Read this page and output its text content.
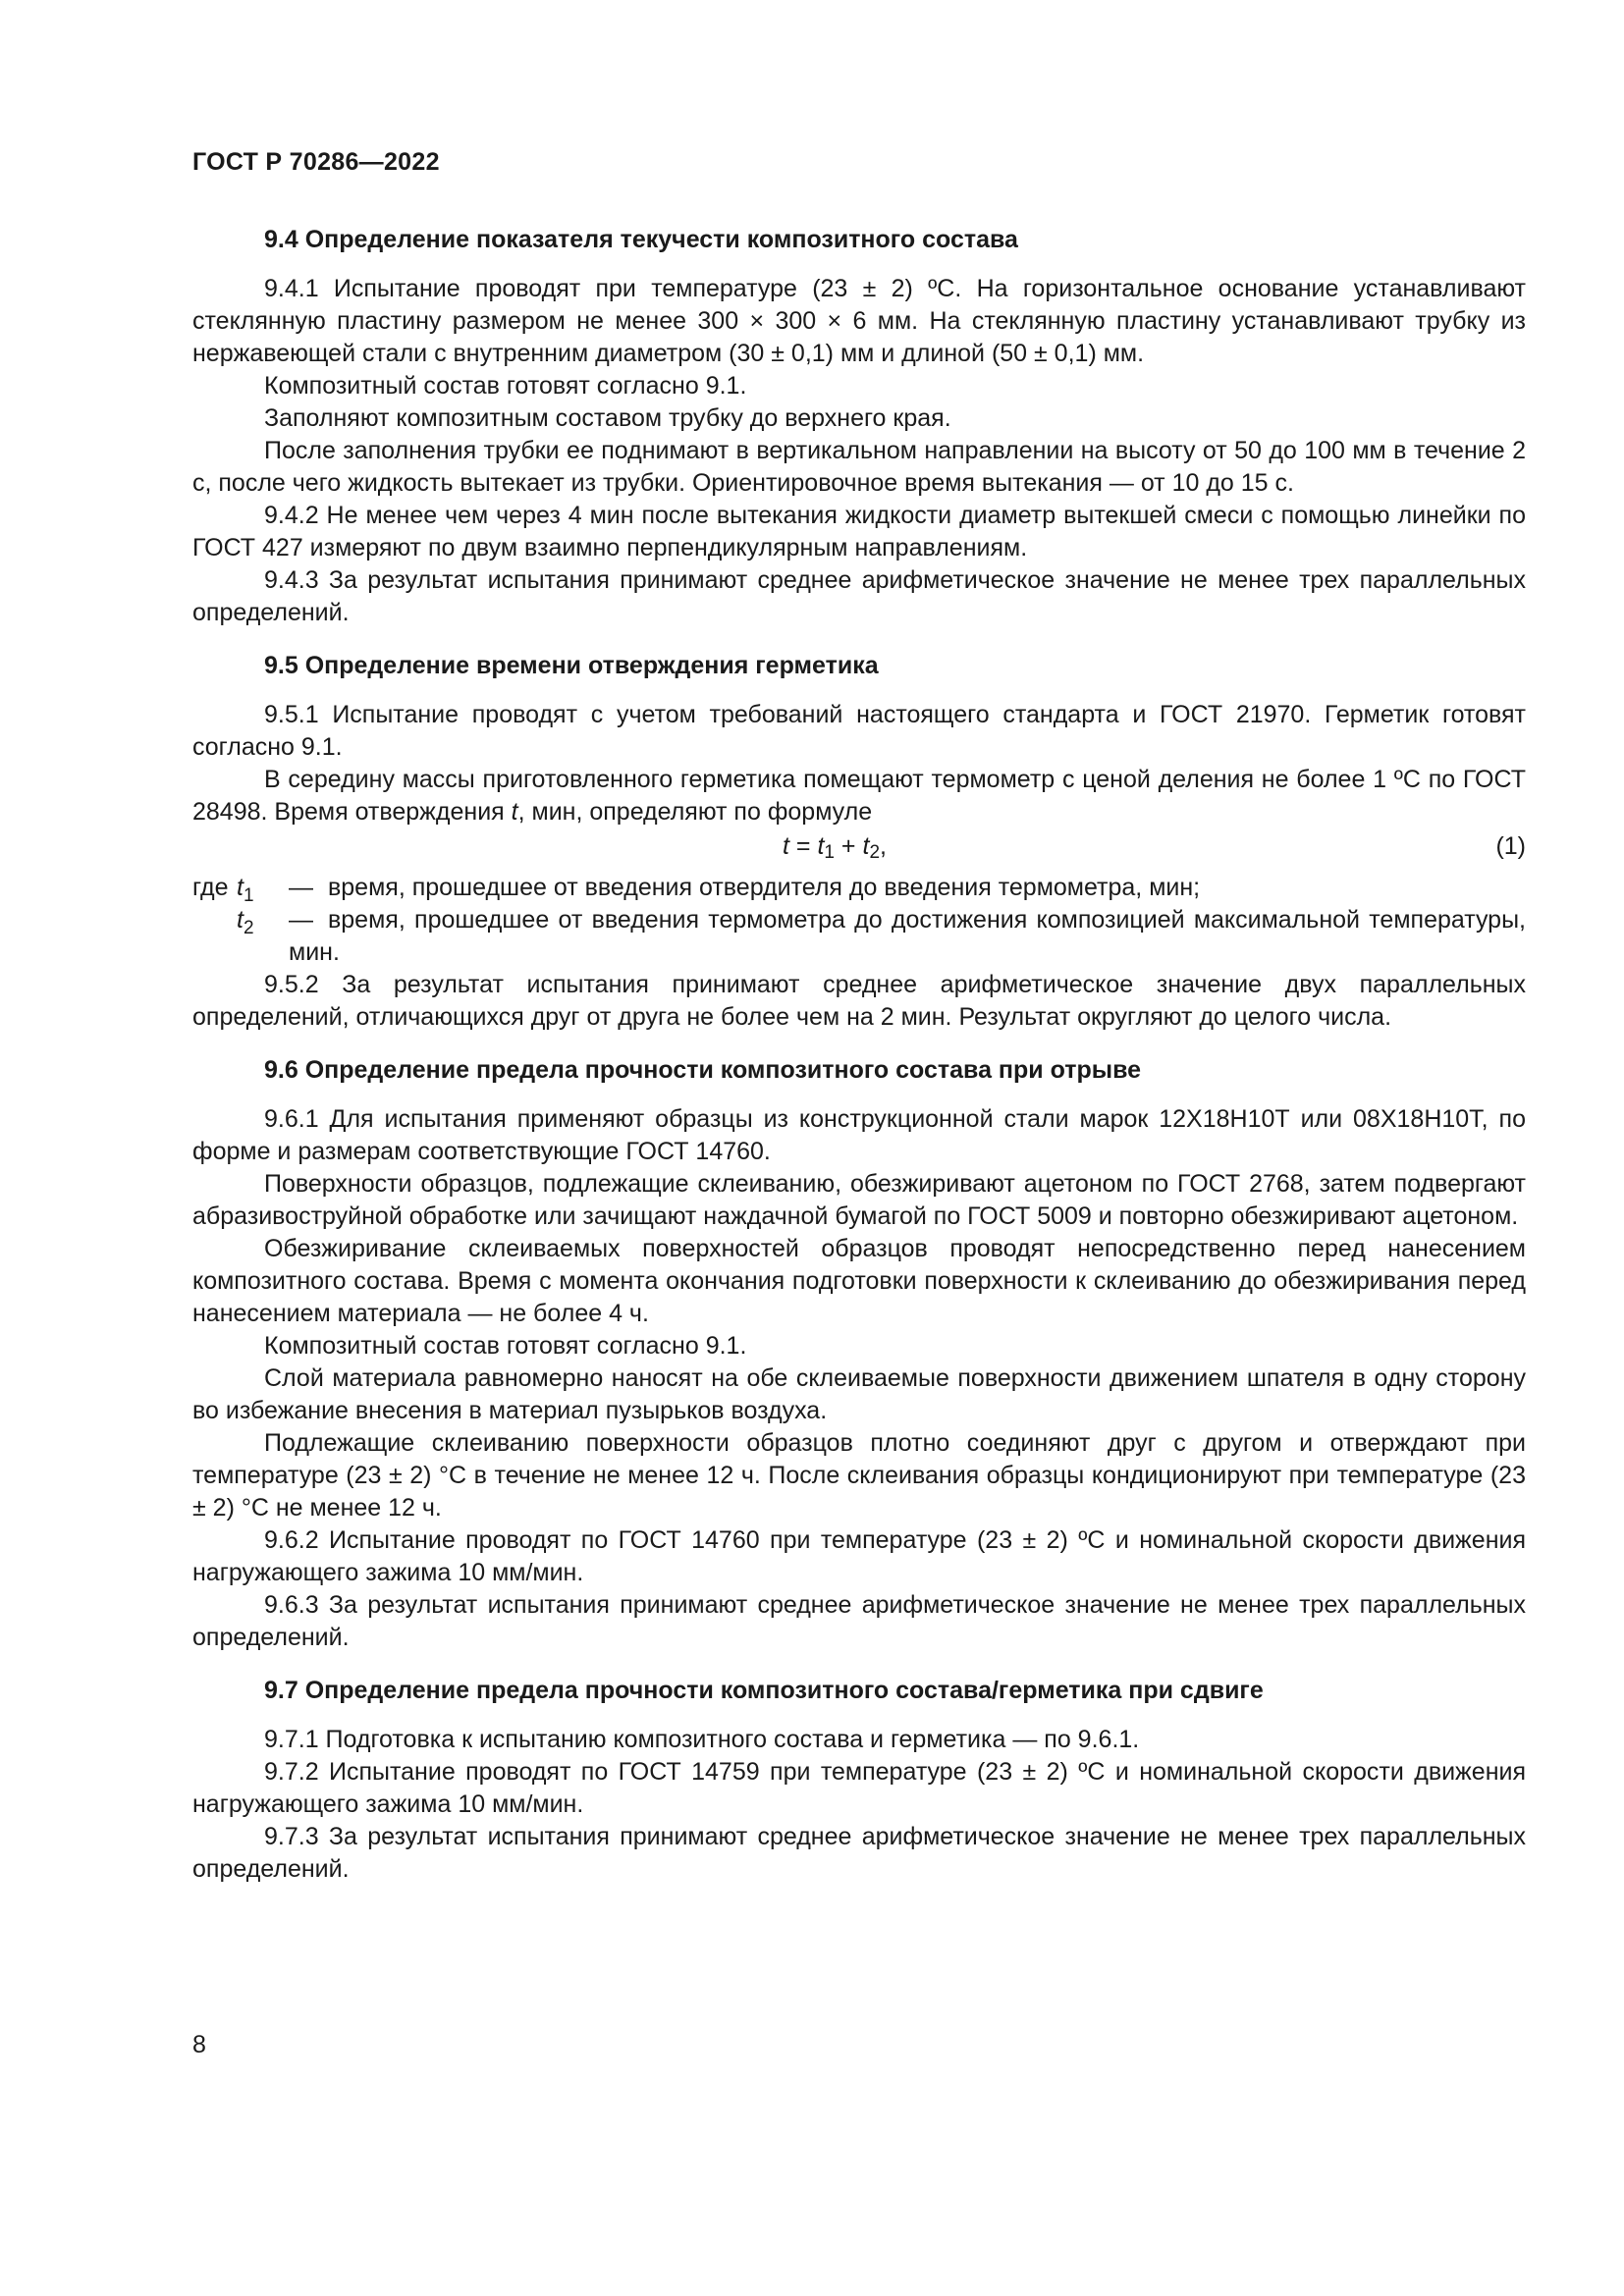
ГОСТ Р 70286—2022
9.4 Определение показателя текучести композитного состава

9.4.1 Испытание проводят при температуре (23 ± 2) ºС. На горизонтальное основание устанавливают стеклянную пластину размером не менее 300 × 300 × 6 мм. На стеклянную пластину устанавливают трубку из нержавеющей стали с внутренним диаметром (30 ± 0,1) мм и длиной (50 ± 0,1) мм.

Композитный состав готовят согласно 9.1.

Заполняют композитным составом трубку до верхнего края.

После заполнения трубки ее поднимают в вертикальном направлении на высоту от 50 до 100 мм в течение 2 с, после чего жидкость вытекает из трубки. Ориентировочное время вытекания — от 10 до 15 с.

9.4.2 Не менее чем через 4 мин после вытекания жидкости диаметр вытекшей смеси с помощью линейки по ГОСТ 427 измеряют по двум взаимно перпендикулярным направлениям.

9.4.3 За результат испытания принимают среднее арифметическое значение не менее трех параллельных определений.

9.5 Определение времени отверждения герметика

9.5.1 Испытание проводят с учетом требований настоящего стандарта и ГОСТ 21970. Герметик готовят согласно 9.1.

В середину массы приготовленного герметика помещают термометр с ценой деления не более 1 ºС по ГОСТ 28498. Время отверждения t, мин, определяют по формуле

$t = t_1 + t_2$,	(1)
где $t_1$	— время, прошедшее от введения отвердителя до введения термометра, мин;
$t_2$	— время, прошедшее от введения термометра до достижения композицией максимальной температуры, мин.

9.5.2 За результат испытания принимают среднее арифметическое значение двух параллельных определений, отличающихся друг от друга не более чем на 2 мин. Результат округляют до целого числа.

9.6 Определение предела прочности композитного состава при отрыве

9.6.1 Для испытания применяют образцы из конструкционной стали марок 12Х18Н10Т или 08Х18Н10Т, по форме и размерам соответствующие ГОСТ 14760.

Поверхности образцов, подлежащие склеиванию, обезжиривают ацетоном по ГОСТ 2768, затем подвергают абразивоструйной обработке или зачищают наждачной бумагой по ГОСТ 5009 и повторно обезжиривают ацетоном.

Обезжиривание склеиваемых поверхностей образцов проводят непосредственно перед нанесением композитного состава. Время с момента окончания подготовки поверхности к склеиванию до обезжиривания перед нанесением материала — не более 4 ч.

Композитный состав готовят согласно 9.1.

Слой материала равномерно наносят на обе склеиваемые поверхности движением шпателя в одну сторону во избежание внесения в материал пузырьков воздуха.

Подлежащие склеиванию поверхности образцов плотно соединяют друг с другом и отверждают при температуре (23 ± 2) °С в течение не менее 12 ч. После склеивания образцы кондиционируют при температуре (23 ± 2) °С не менее 12 ч.

9.6.2 Испытание проводят по ГОСТ 14760 при температуре (23 ± 2) ºС и номинальной скорости движения нагружающего зажима 10 мм/мин.

9.6.3 За результат испытания принимают среднее арифметическое значение не менее трех параллельных определений.

9.7 Определение предела прочности композитного состава/герметика при сдвиге

9.7.1 Подготовка к испытанию композитного состава и герметика — по 9.6.1.

9.7.2 Испытание проводят по ГОСТ 14759 при температуре (23 ± 2) ºС и номинальной скорости движения нагружающего зажима 10 мм/мин.

9.7.3 За результат испытания принимают среднее арифметическое значение не менее трех параллельных определений.

8
